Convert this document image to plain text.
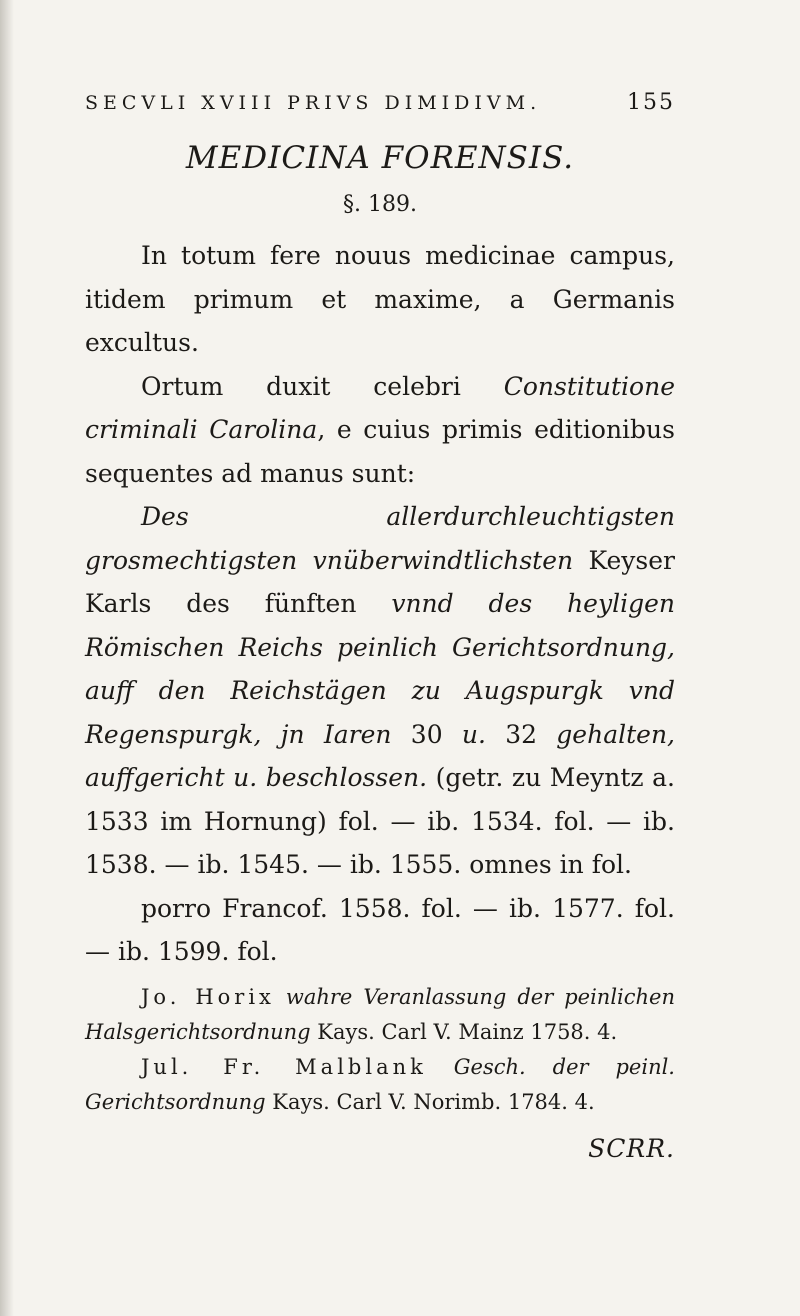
SECVLI XVIII PRIVS DIMIDIVM.	155
MEDICINA FORENSIS.
§. 189.

In totum fere nouus medicinae campus, itidem primum et maxime, a Germanis excultus.

Ortum duxit celebri Constitutione criminali Carolina, e cuius primis editionibus sequentes ad manus sunt:

Des allerdurchleuchtigsten grosmechtigsten vnüberwindtlichsten Keyser Karls des fünften vnnd des heyligen Römischen Reichs peinlich Gerichtsordnung, auff den Reichstägen zu Augspurgk vnd Regenspurgk, jn Iaren 30 u. 32 gehalten, auffgericht u. beschlossen. (getr. zu Meyntz a. 1533 im Hornung) fol. — ib. 1534. fol. — ib. 1538. — ib. 1545. — ib. 1555. omnes in fol.

porro Francof. 1558. fol. — ib. 1577. fol. — ib. 1599. fol.

Jo. Horix wahre Veranlassung der peinlichen Halsgerichtsordnung Kays. Carl V. Mainz 1758. 4.

Jul. Fr. Malblank Gesch. der peinl. Gerichtsordnung Kays. Carl V. Norimb. 1784. 4.

SCRR.
